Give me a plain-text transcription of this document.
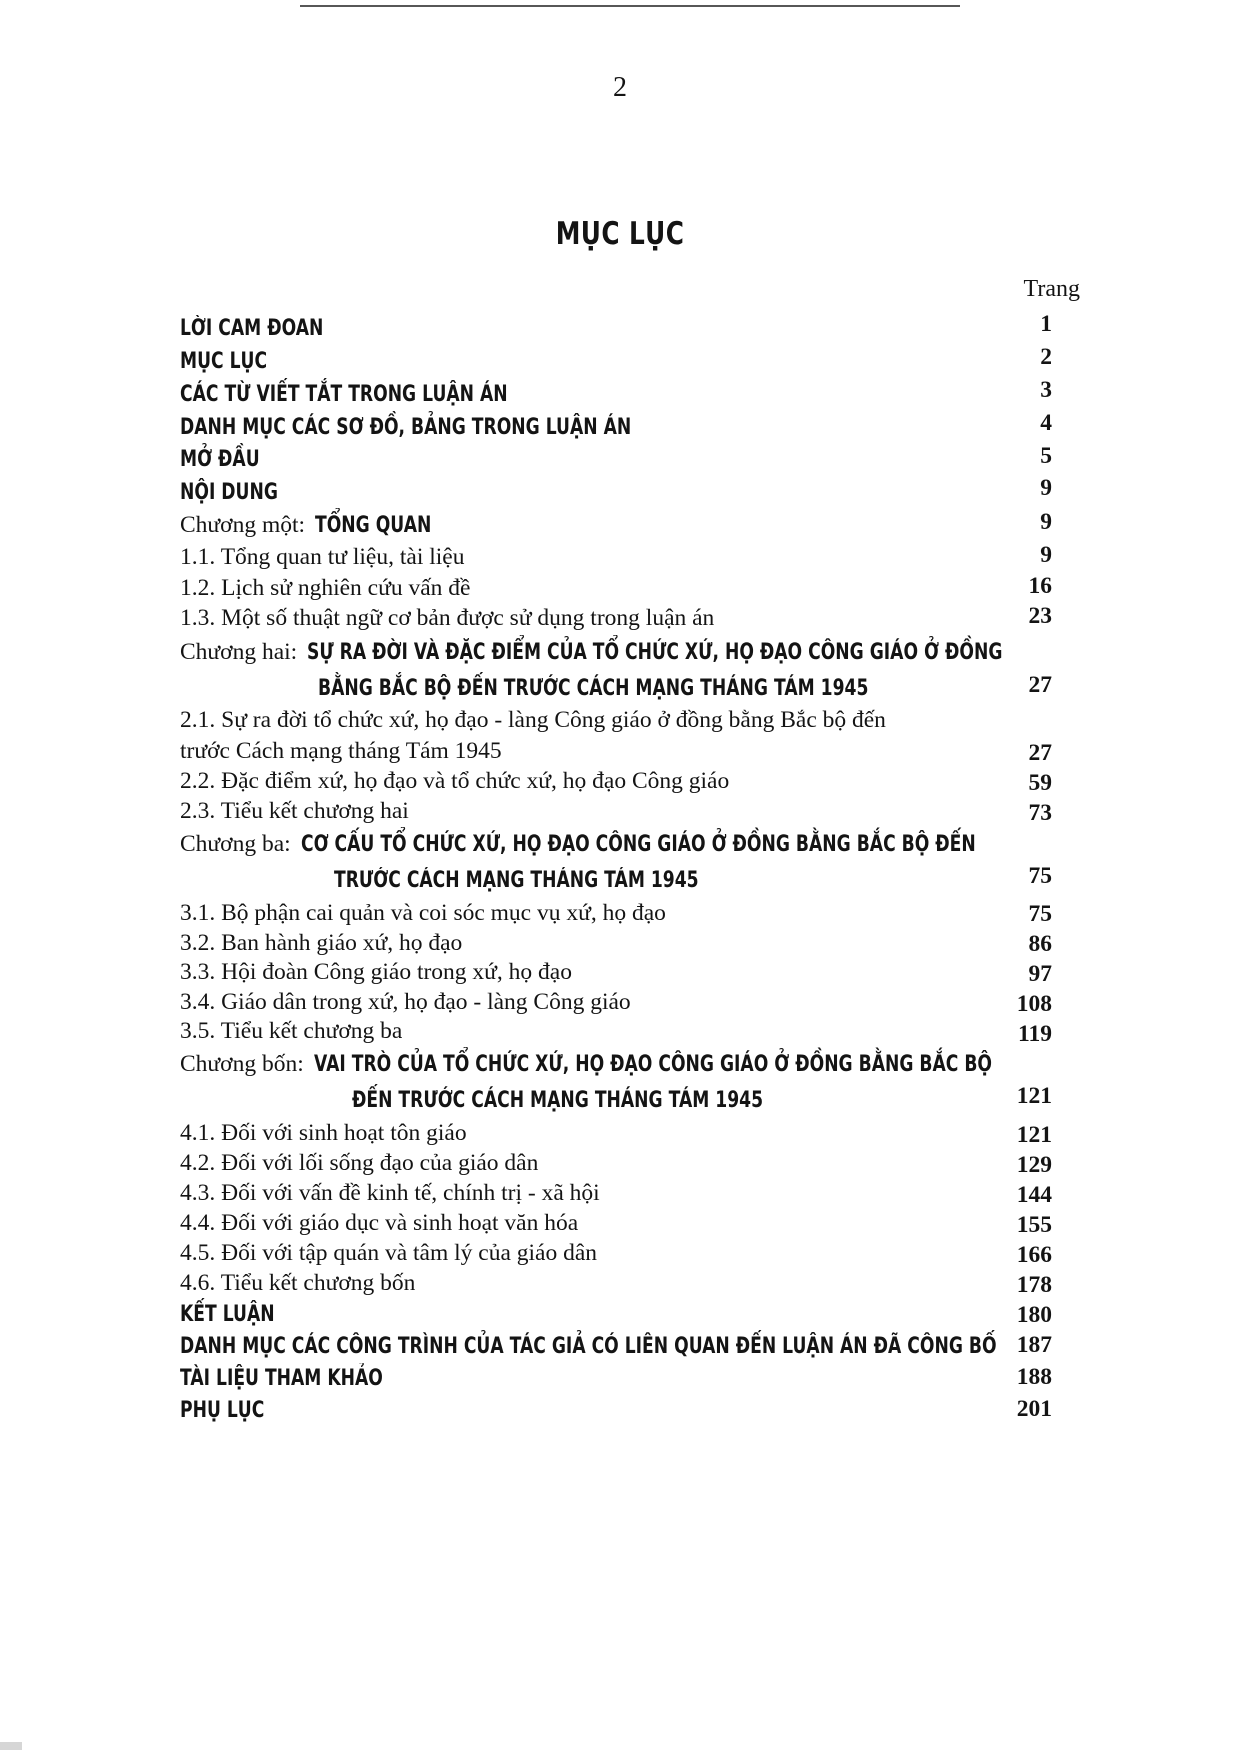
2
MỤC LỤC
Trang
LỜI CAM ĐOAN
MỤC LỤC
CÁC TỪ VIẾT TẮT TRONG LUẬN ÁN
DANH MỤC CÁC SƠ ĐỒ, BẢNG TRONG LUẬN ÁN
MỞ ĐẦU
NỘI DUNG
Chương một: TỔNG QUAN
1.1. Tổng quan tư liệu, tài liệu
1.2. Lịch sử nghiên cứu vấn đề
1.3. Một số thuật ngữ cơ bản được sử dụng trong luận án
Chương hai: SỰ RA ĐỜI VÀ ĐẶC ĐIỂM CỦA TỔ CHỨC XỨ, HỌ ĐẠO CÔNG GIÁO Ở ĐỒNG
BẰNG BẮC BỘ ĐẾN TRƯỚC CÁCH MẠNG THÁNG TÁM 1945
2.1. Sự ra đời tổ chức xứ, họ đạo - làng Công giáo ở đồng bằng Bắc bộ đến
trước Cách mạng tháng Tám 1945
2.2. Đặc điểm xứ, họ đạo và tổ chức xứ, họ đạo Công giáo
2.3. Tiểu kết chương hai
Chương ba: CƠ CẤU TỔ CHỨC XỨ, HỌ ĐẠO CÔNG GIÁO Ở ĐỒNG BẰNG BẮC BỘ ĐẾN
TRƯỚC CÁCH MẠNG THÁNG TÁM 1945
3.1. Bộ phận cai quản và coi sóc mục vụ xứ, họ đạo
3.2. Ban hành giáo xứ, họ đạo
3.3. Hội đoàn Công giáo trong xứ, họ đạo
3.4. Giáo dân trong xứ, họ đạo - làng Công giáo
3.5. Tiểu kết chương ba
Chương bốn: VAI TRÒ CỦA TỔ CHỨC XỨ, HỌ ĐẠO CÔNG GIÁO Ở ĐỒNG BẰNG BẮC BỘ
ĐẾN TRƯỚC CÁCH MẠNG THÁNG TÁM 1945
4.1. Đối với sinh hoạt tôn giáo
4.2. Đối với lối sống đạo của giáo dân
4.3. Đối với vấn đề kinh tế, chính trị - xã hội
4.4. Đối với giáo dục và sinh hoạt văn hóa
4.5. Đối với tập quán và tâm lý của giáo dân
4.6. Tiểu kết chương bốn
KẾT LUẬN
DANH MỤC CÁC CÔNG TRÌNH CỦA TÁC GIẢ CÓ LIÊN QUAN ĐẾN LUẬN ÁN ĐÃ CÔNG BỐ
TÀI LIỆU THAM KHẢO
PHỤ LỤC
1
2
3
4
5
9
9
9
16
23
27
27
59
73
75
75
86
97
108
119
121
121
129
144
155
166
178
180
187
188
201
